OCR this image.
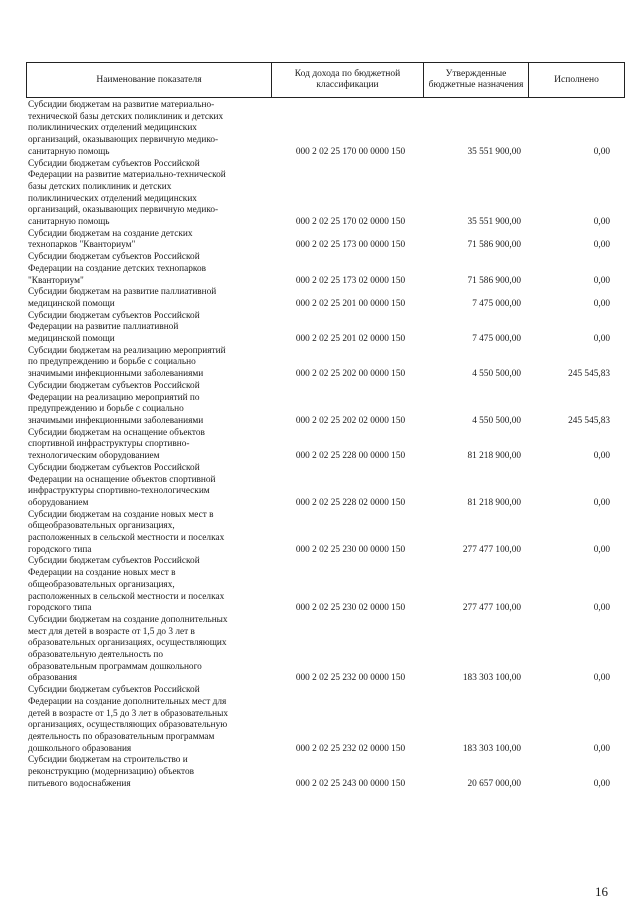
Наименование показателя	Код дохода по бюджетной классификации	Утвержденные бюджетные назначения	Исполнено
Субсидии бюджетам на развитие материально-
технической базы детских поликлиник и детских
поликлинических отделений медицинских
организаций, оказывающих первичную медико-
санитарную помощь	000 2 02 25 170 00 0000 150	35 551 900,00	0,00
Субсидии бюджетам субъектов Российской
Федерации на развитие материально-технической
базы детских поликлиник и детских
поликлинических отделений медицинских
организаций, оказывающих первичную медико-
санитарную помощь	000 2 02 25 170 02 0000 150	35 551 900,00	0,00
Субсидии бюджетам на создание детских
технопарков "Кванториум"	000 2 02 25 173 00 0000 150	71 586 900,00	0,00
Субсидии бюджетам субъектов Российской
Федерации на создание детских технопарков
"Кванториум"	000 2 02 25 173 02 0000 150	71 586 900,00	0,00
Субсидии бюджетам на развитие паллиативной
медицинской помощи	000 2 02 25 201 00 0000 150	7 475 000,00	0,00
Субсидии бюджетам субъектов Российской
Федерации на развитие паллиативной
медицинской помощи	000 2 02 25 201 02 0000 150	7 475 000,00	0,00
Субсидии бюджетам на реализацию мероприятий
по предупреждению и борьбе с социально
значимыми инфекционными заболеваниями	000 2 02 25 202 00 0000 150	4 550 500,00	245 545,83
Субсидии бюджетам субъектов Российской
Федерации на реализацию мероприятий по
предупреждению и борьбе с социально
значимыми инфекционными заболеваниями	000 2 02 25 202 02 0000 150	4 550 500,00	245 545,83
Субсидии бюджетам на оснащение объектов
спортивной инфраструктуры спортивно-
технологическим оборудованием	000 2 02 25 228 00 0000 150	81 218 900,00	0,00
Субсидии бюджетам субъектов Российской
Федерации на оснащение объектов спортивной
инфраструктуры спортивно-технологическим
оборудованием	000 2 02 25 228 02 0000 150	81 218 900,00	0,00
Субсидии бюджетам на создание новых мест в
общеобразовательных организациях,
расположенных в сельской местности и поселках
городского типа	000 2 02 25 230 00 0000 150	277 477 100,00	0,00
Субсидии бюджетам субъектов Российской
Федерации на создание новых мест в
общеобразовательных организациях,
расположенных в сельской местности и поселках
городского типа	000 2 02 25 230 02 0000 150	277 477 100,00	0,00
Субсидии бюджетам на создание дополнительных
мест для детей в возрасте от 1,5 до 3 лет в
образовательных организациях, осуществляющих
образовательную деятельность по
образовательным программам дошкольного
образования	000 2 02 25 232 00 0000 150	183 303 100,00	0,00
Субсидии бюджетам субъектов Российской
Федерации на создание дополнительных мест для
детей в возрасте от 1,5 до 3 лет в образовательных
организациях, осуществляющих образовательную
деятельность по образовательным программам
дошкольного образования	000 2 02 25 232 02 0000 150	183 303 100,00	0,00
Субсидии бюджетам на строительство и
реконструкцию (модернизацию) объектов
питьевого водоснабжения	000 2 02 25 243 00 0000 150	20 657 000,00	0,00
16
